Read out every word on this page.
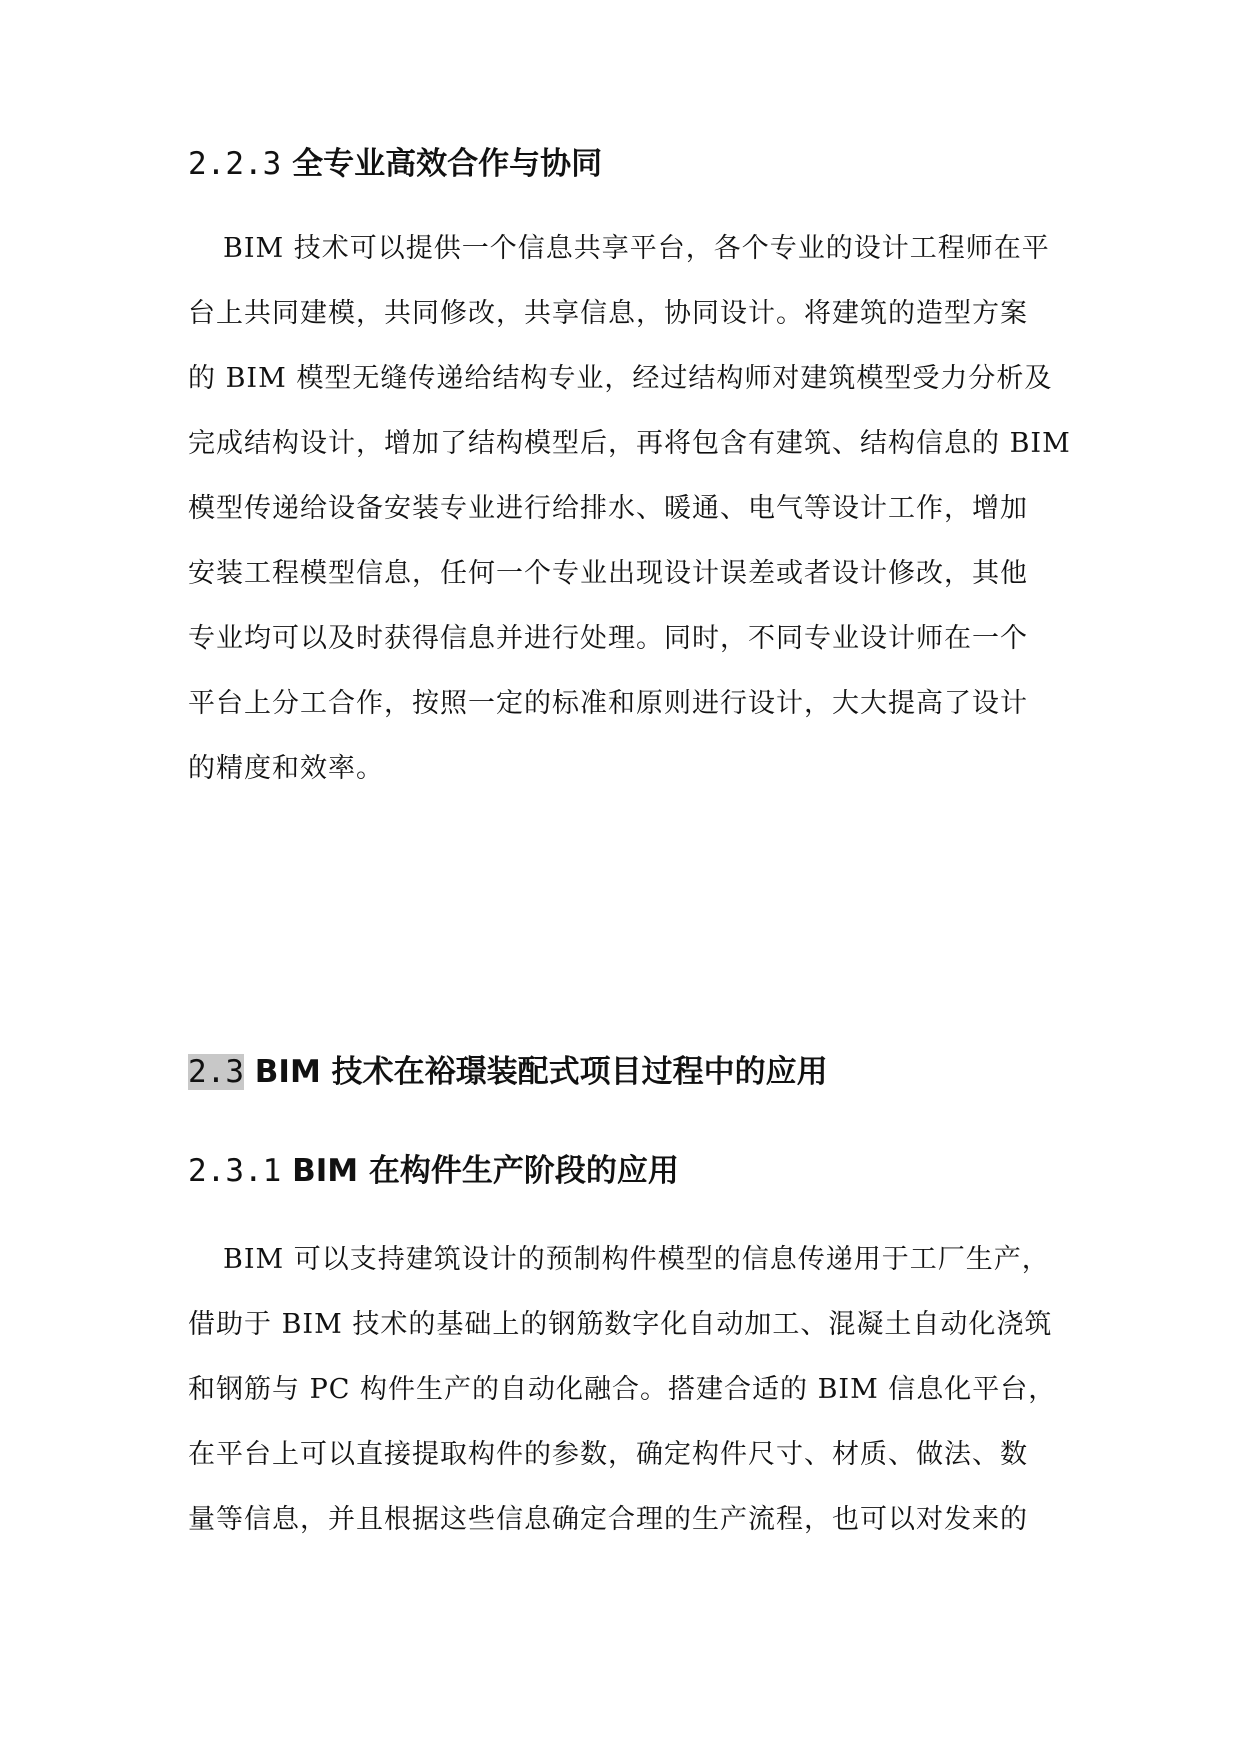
2.2.3 全专业高效合作与协同
BIM 技术可以提供一个信息共享平台，各个专业的设计工程师在平
台上共同建模，共同修改，共享信息，协同设计。将建筑的造型方案
的 BIM 模型无缝传递给结构专业，经过结构师对建筑模型受力分析及
完成结构设计，增加了结构模型后，再将包含有建筑、结构信息的 BIM
模型传递给设备安装专业进行给排水、暖通、电气等设计工作，增加
安装工程模型信息，任何一个专业出现设计误差或者设计修改，其他
专业均可以及时获得信息并进行处理。同时，不同专业设计师在一个
平台上分工合作，按照一定的标准和原则进行设计，大大提高了设计
的精度和效率。
2.3 BIM 技术在裕璟装配式项目过程中的应用
2.3.1 BIM 在构件生产阶段的应用
BIM 可以支持建筑设计的预制构件模型的信息传递用于工厂生产，
借助于 BIM 技术的基础上的钢筋数字化自动加工、混凝土自动化浇筑
和钢筋与 PC 构件生产的自动化融合。搭建合适的 BIM 信息化平台，
在平台上可以直接提取构件的参数，确定构件尺寸、材质、做法、数
量等信息，并且根据这些信息确定合理的生产流程，也可以对发来的
